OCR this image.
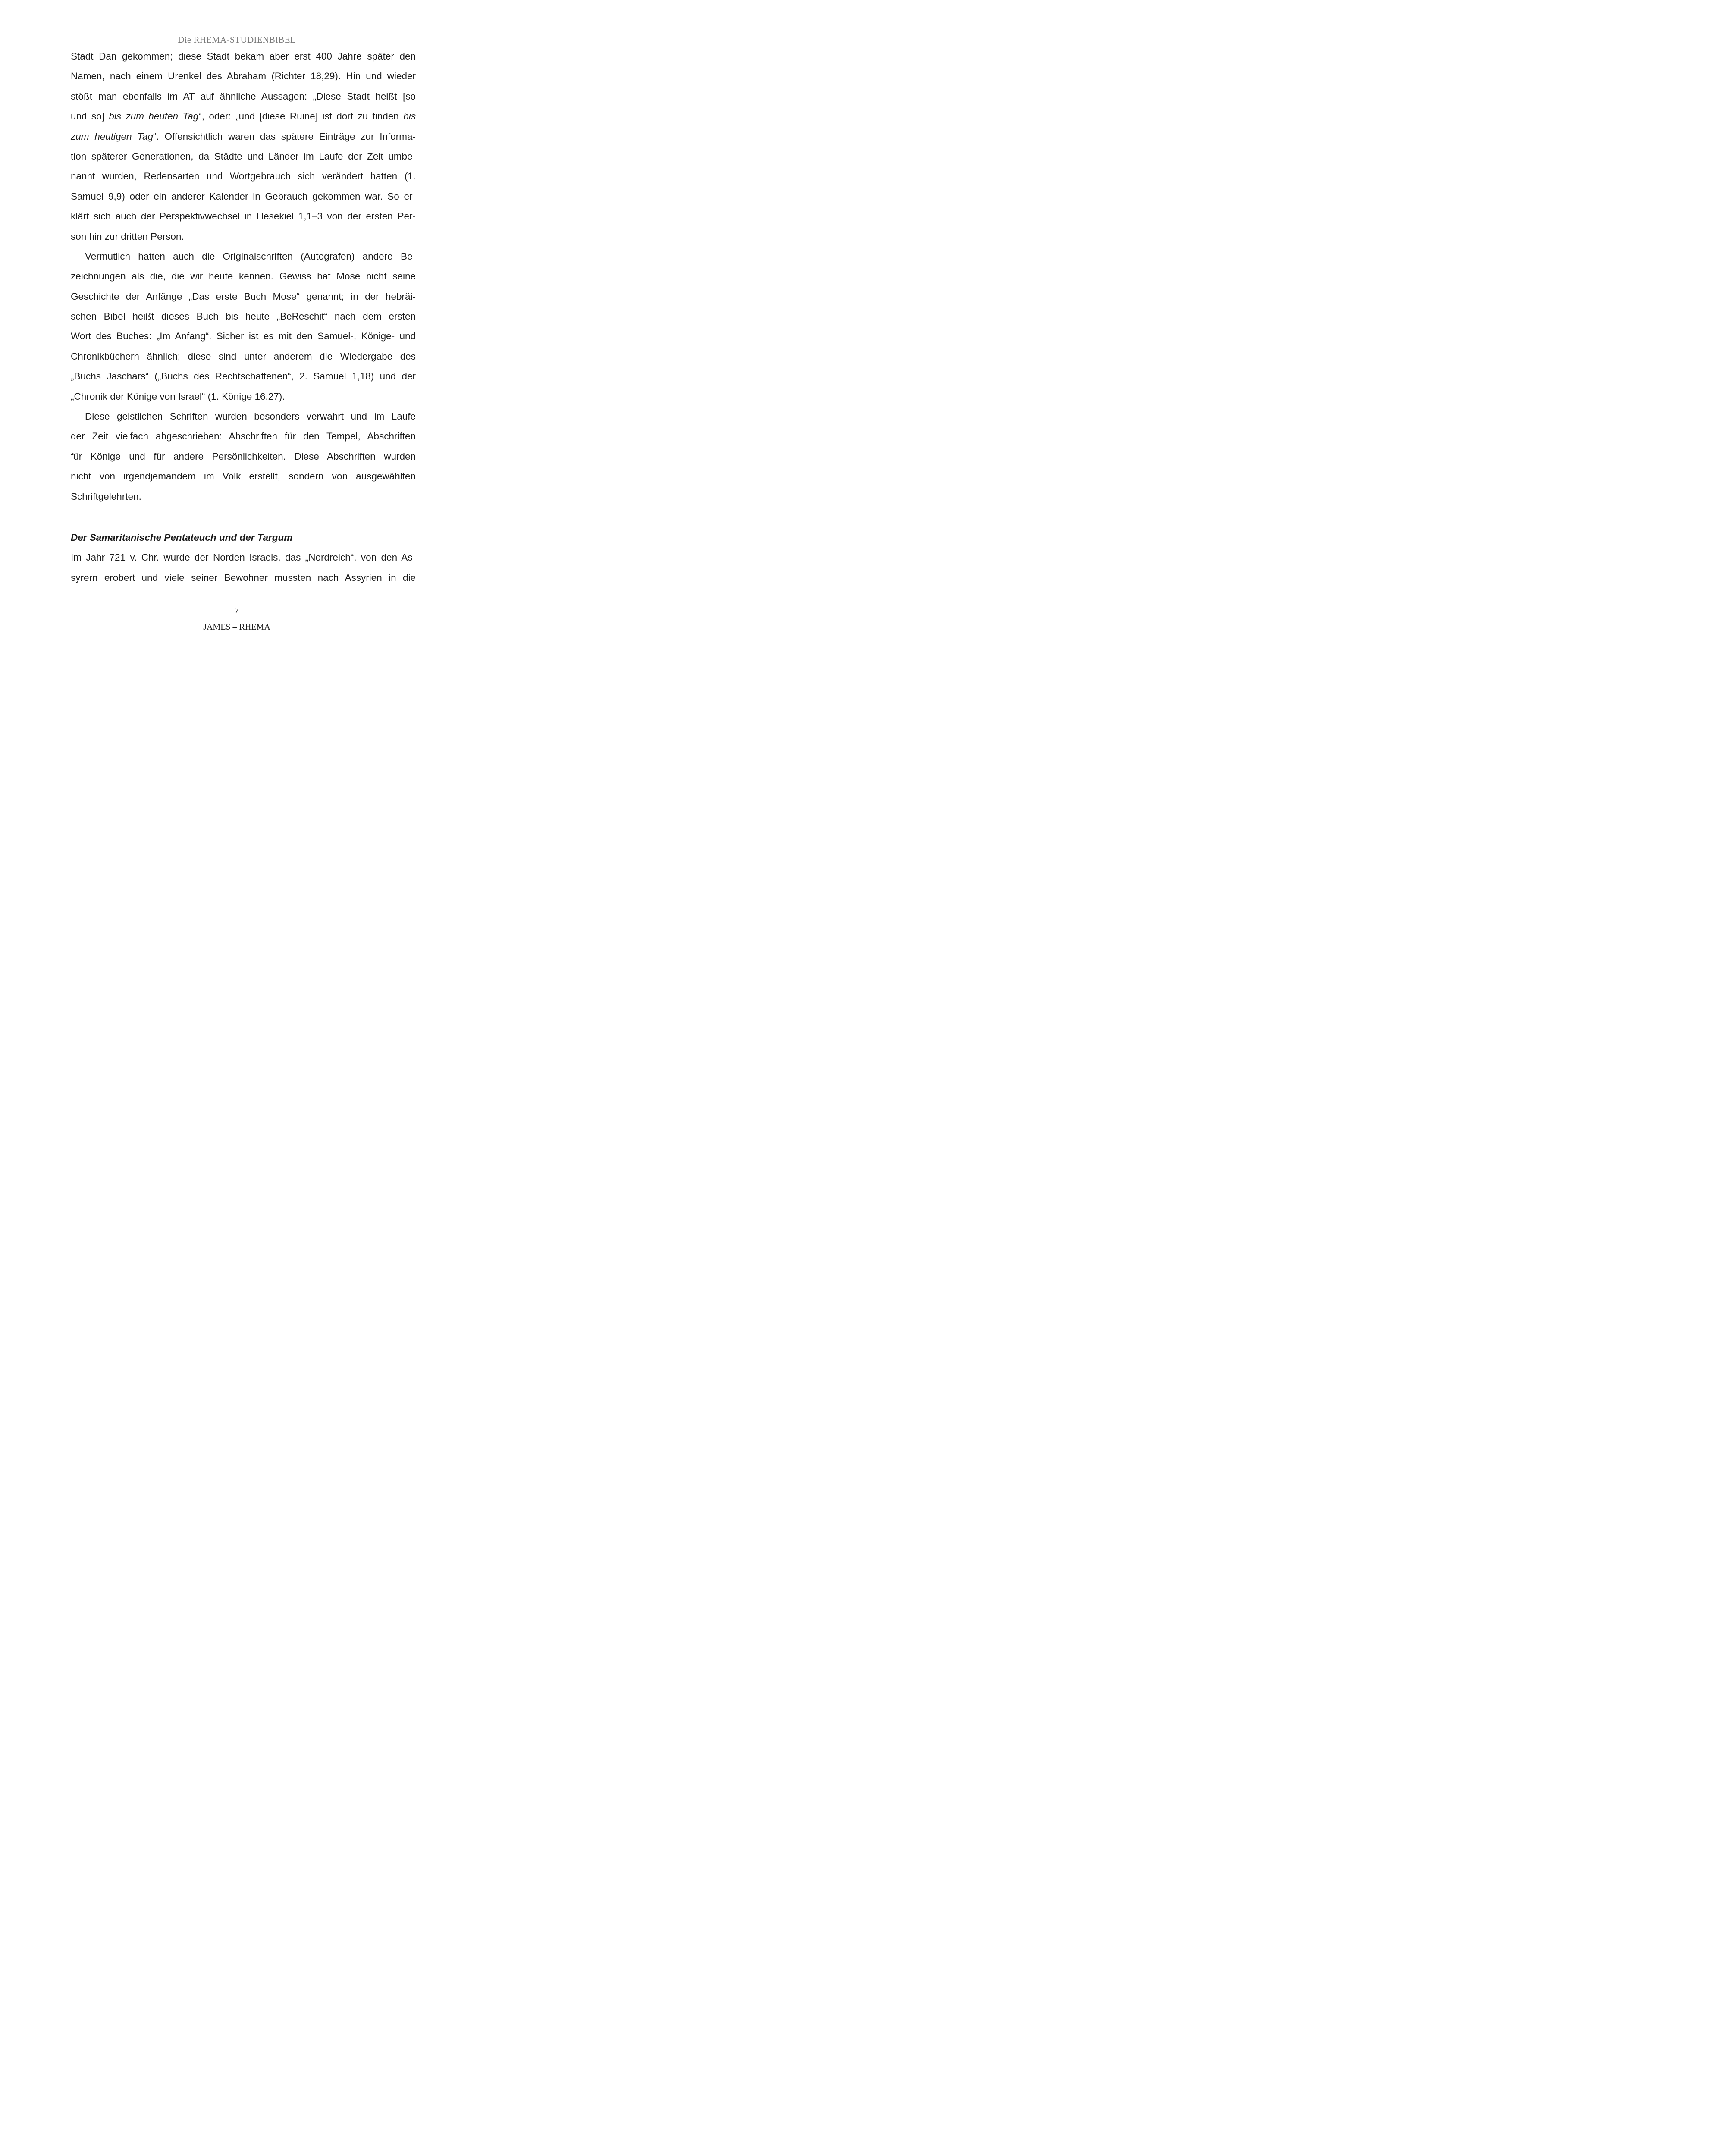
Die RHEMA-STUDIENBIBEL
Stadt Dan gekommen; diese Stadt bekam aber erst 400 Jahre später den
Namen, nach einem Urenkel des Abraham (Richter 18,29). Hin und wieder
stößt man ebenfalls im AT auf ähnliche Aussagen: „Diese Stadt heißt [so
und so] bis zum heuten Tag“, oder: „und [diese Ruine] ist dort zu finden bis
zum heutigen Tag“. Offensichtlich waren das spätere Einträge zur Informa-
tion späterer Generationen, da Städte und Länder im Laufe der Zeit umbe-
nannt wurden, Redensarten und Wortgebrauch sich verändert hatten (1.
Samuel 9,9) oder ein anderer Kalender in Gebrauch gekommen war. So er-
klärt sich auch der Perspektivwechsel in Hesekiel 1,1–3 von der ersten Per-
son hin zur dritten Person.
Vermutlich hatten auch die Originalschriften (Autografen) andere Be-
zeichnungen als die, die wir heute kennen. Gewiss hat Mose nicht seine
Geschichte der Anfänge „Das erste Buch Mose“ genannt; in der hebräi-
schen Bibel heißt dieses Buch bis heute „BeReschit“ nach dem ersten
Wort des Buches: „Im Anfang“. Sicher ist es mit den Samuel-, Könige- und
Chronikbüchern ähnlich; diese sind unter anderem die Wiedergabe des
„Buchs Jaschars“ („Buchs des Rechtschaffenen“, 2. Samuel 1,18) und der
„Chronik der Könige von Israel“ (1. Könige 16,27).
Diese geistlichen Schriften wurden besonders verwahrt und im Laufe
der Zeit vielfach abgeschrieben: Abschriften für den Tempel, Abschriften
für Könige und für andere Persönlichkeiten. Diese Abschriften wurden
nicht von irgendjemandem im Volk erstellt, sondern von ausgewählten
Schriftgelehrten.
Der Samaritanische Pentateuch und der Targum
Im Jahr 721 v. Chr. wurde der Norden Israels, das „Nordreich“, von den As-
syrern erobert und viele seiner Bewohner mussten nach Assyrien in die
7
JAMES – RHEMA
